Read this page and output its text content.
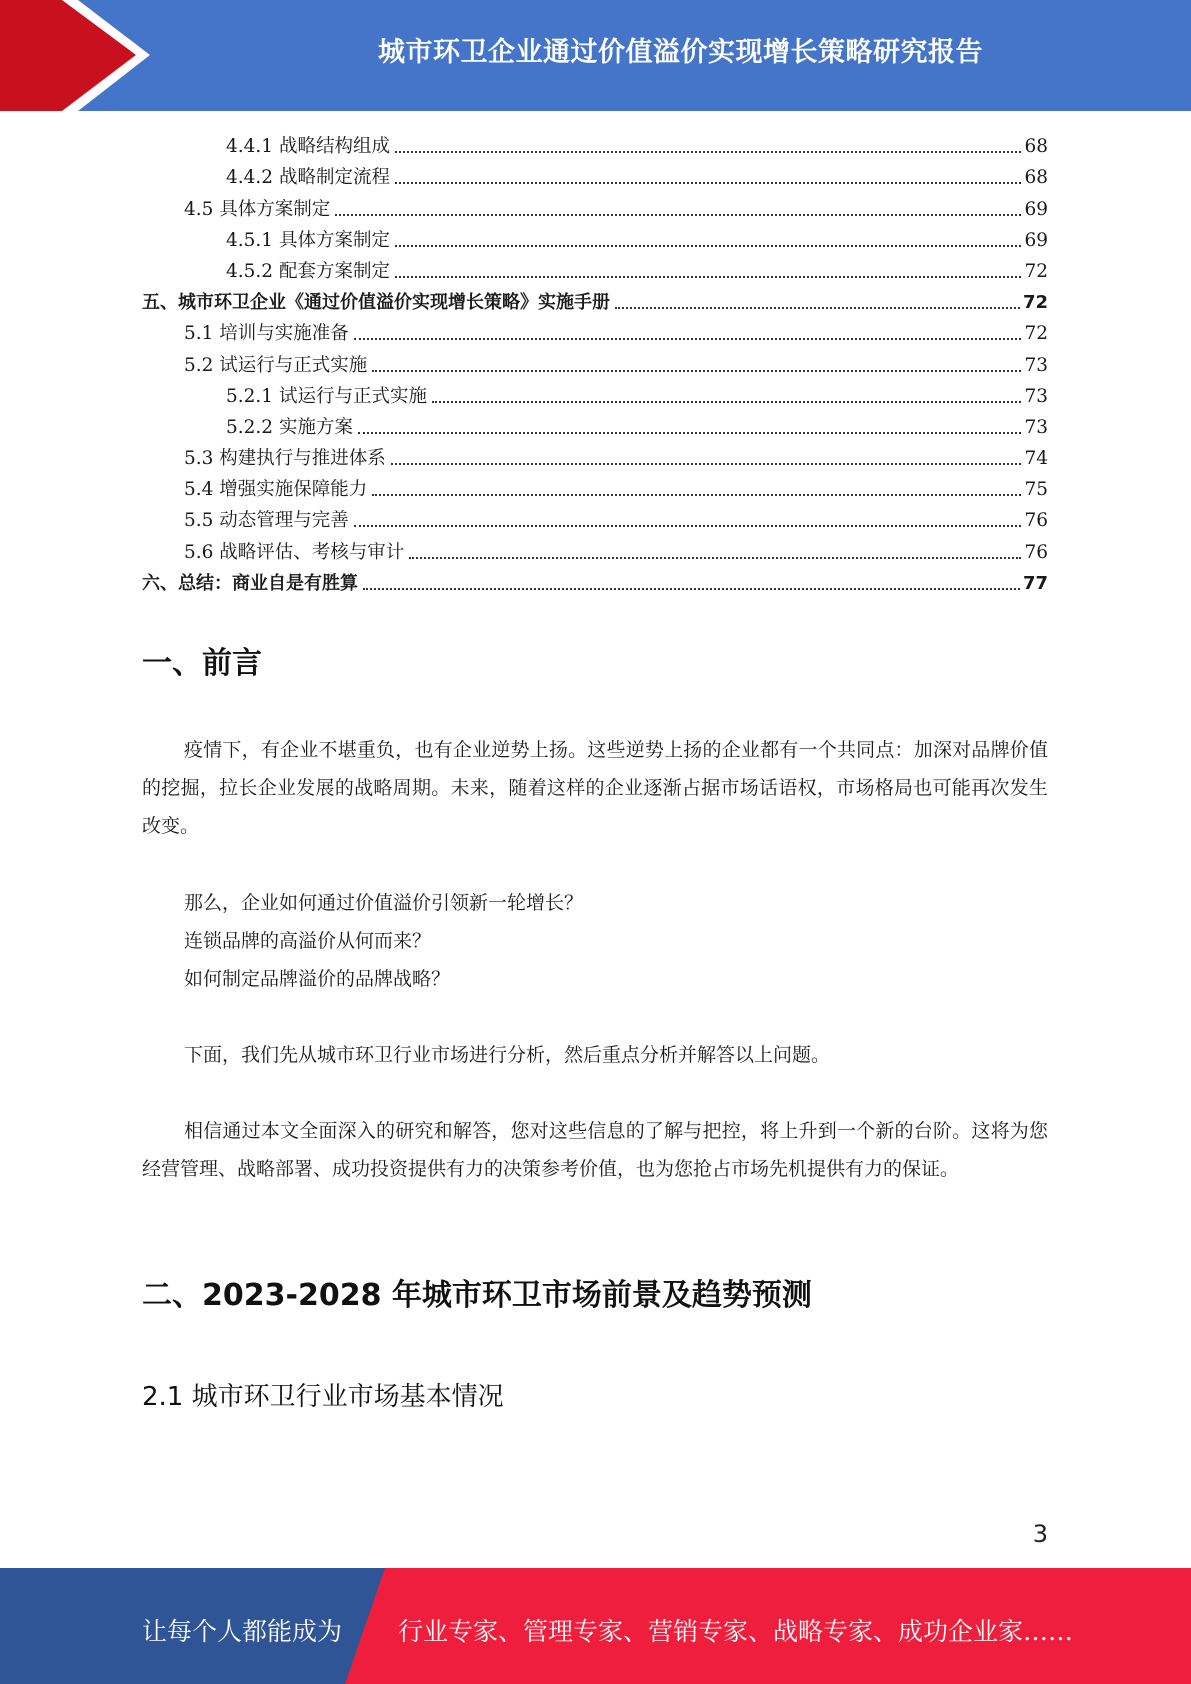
城市环卫企业通过价值溢价实现增长策略研究报告
4.4.1 战略结构组成	68
4.4.2 战略制定流程	68
4.5 具体方案制定	69
4.5.1 具体方案制定	69
4.5.2 配套方案制定	72
五、城市环卫企业《通过价值溢价实现增长策略》实施手册	72
5.1 培训与实施准备	72
5.2 试运行与正式实施	73
5.2.1 试运行与正式实施	73
5.2.2 实施方案	73
5.3 构建执行与推进体系	74
5.4 增强实施保障能力	75
5.5 动态管理与完善	76
5.6 战略评估、考核与审计	76
六、总结：商业自是有胜算	77
一、前言
疫情下，有企业不堪重负，也有企业逆势上扬。这些逆势上扬的企业都有一个共同点：加深对品牌价值的挖掘，拉长企业发展的战略周期。未来，随着这样的企业逐渐占据市场话语权，市场格局也可能再次发生改变。
那么，企业如何通过价值溢价引领新一轮增长？
连锁品牌的高溢价从何而来？
如何制定品牌溢价的品牌战略？
下面，我们先从城市环卫行业市场进行分析，然后重点分析并解答以上问题。
相信通过本文全面深入的研究和解答，您对这些信息的了解与把控，将上升到一个新的台阶。这将为您经营管理、战略部署、成功投资提供有力的决策参考价值，也为您抢占市场先机提供有力的保证。
二、2023-2028 年城市环卫市场前景及趋势预测
2.1 城市环卫行业市场基本情况
3
让每个人都能成为 行业专家、管理专家、营销专家、战略专家、成功企业家……
